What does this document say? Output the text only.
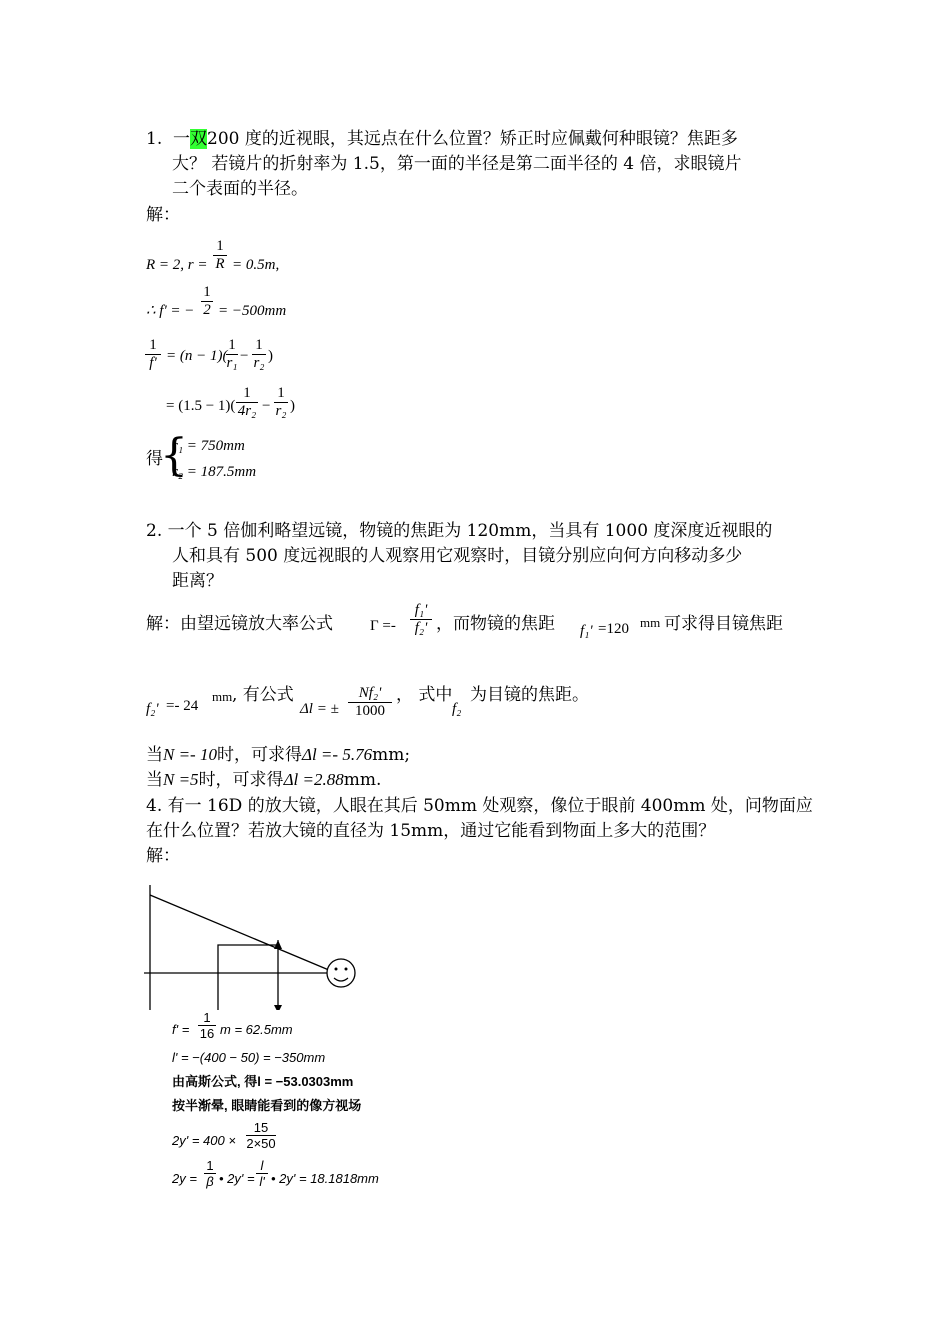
1. 一双200 度的近视眼，其远点在什么位置？矫正时应佩戴何种眼镜？焦距多
大？ 若镜片的折射率为 1.5，第一面的半径是第二面半径的 4 倍，求眼镜片
二个表面的半径。
解：
R = 2, r =
1
R = 0.5m,
∴ f' = −
1
2 = −500mm
1
f' = (n − 1)(
1
r₁ −
1
r₂ )
= (1.5 − 1)(
1
4r₂ −
1
r₂ )
得
{
r₁ = 750mm
r₂ = 187.5mm
2. 一个 5 倍伽利略望远镜，物镜的焦距为 120mm，当具有 1000 度深度近视眼的
人和具有 500 度远视眼的人观察用它观察时，目镜分别应向何方向移动多少
距离？
解：由望远镜放大率公式 Γ =-
f₁'
f₂' ，而物镜的焦距 f₁' =120 mm 可求得目镜焦距
f₂' =- 24
mm , 有公式
Δl = ±
Nf₂'
1000
， 式中
f₂
为目镜的焦距。
当N =- 10时，可求得Δl =- 5.76mm;
当N =5时，可求得Δl =2.88mm.
4. 有一 16D 的放大镜，人眼在其后 50mm 处观察，像位于眼前 400mm 处，问物面应
在什么位置？若放大镜的直径为 15mm，通过它能看到物面上多大的范围？
解：
f' =
1
16 m = 62.5mm
l' = −(400 − 50) = −350mm
由高斯公式, 得l = −53.0303mm
按半渐晕, 眼睛能看到的像方视场
2y' = 400 ×
15
2×50
2y =
1
β • 2y' =
l
l' • 2y' = 18.1818mm
